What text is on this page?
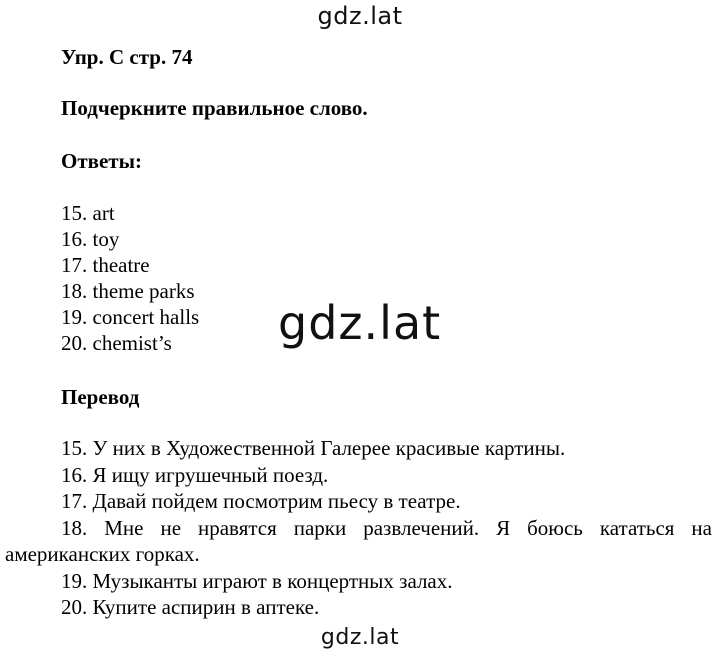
gdz.lat
Упр. C стр. 74
Подчеркните правильное слово.
Ответы:
15. art
16. toy
17. theatre
18. theme parks
19. concert halls
20. chemist’s	gdz.lat
Перевод
15. У них в Художественной Галерее красивые картины.
16. Я ищу игрушечный поезд.
17. Давай пойдем посмотрим пьесу в театре.
18. Мне не нравятся парки развлечений. Я боюсь кататься на
американских горках.
19. Музыканты играют в концертных залах.
20. Купите аспирин в аптеке.
gdz.lat
